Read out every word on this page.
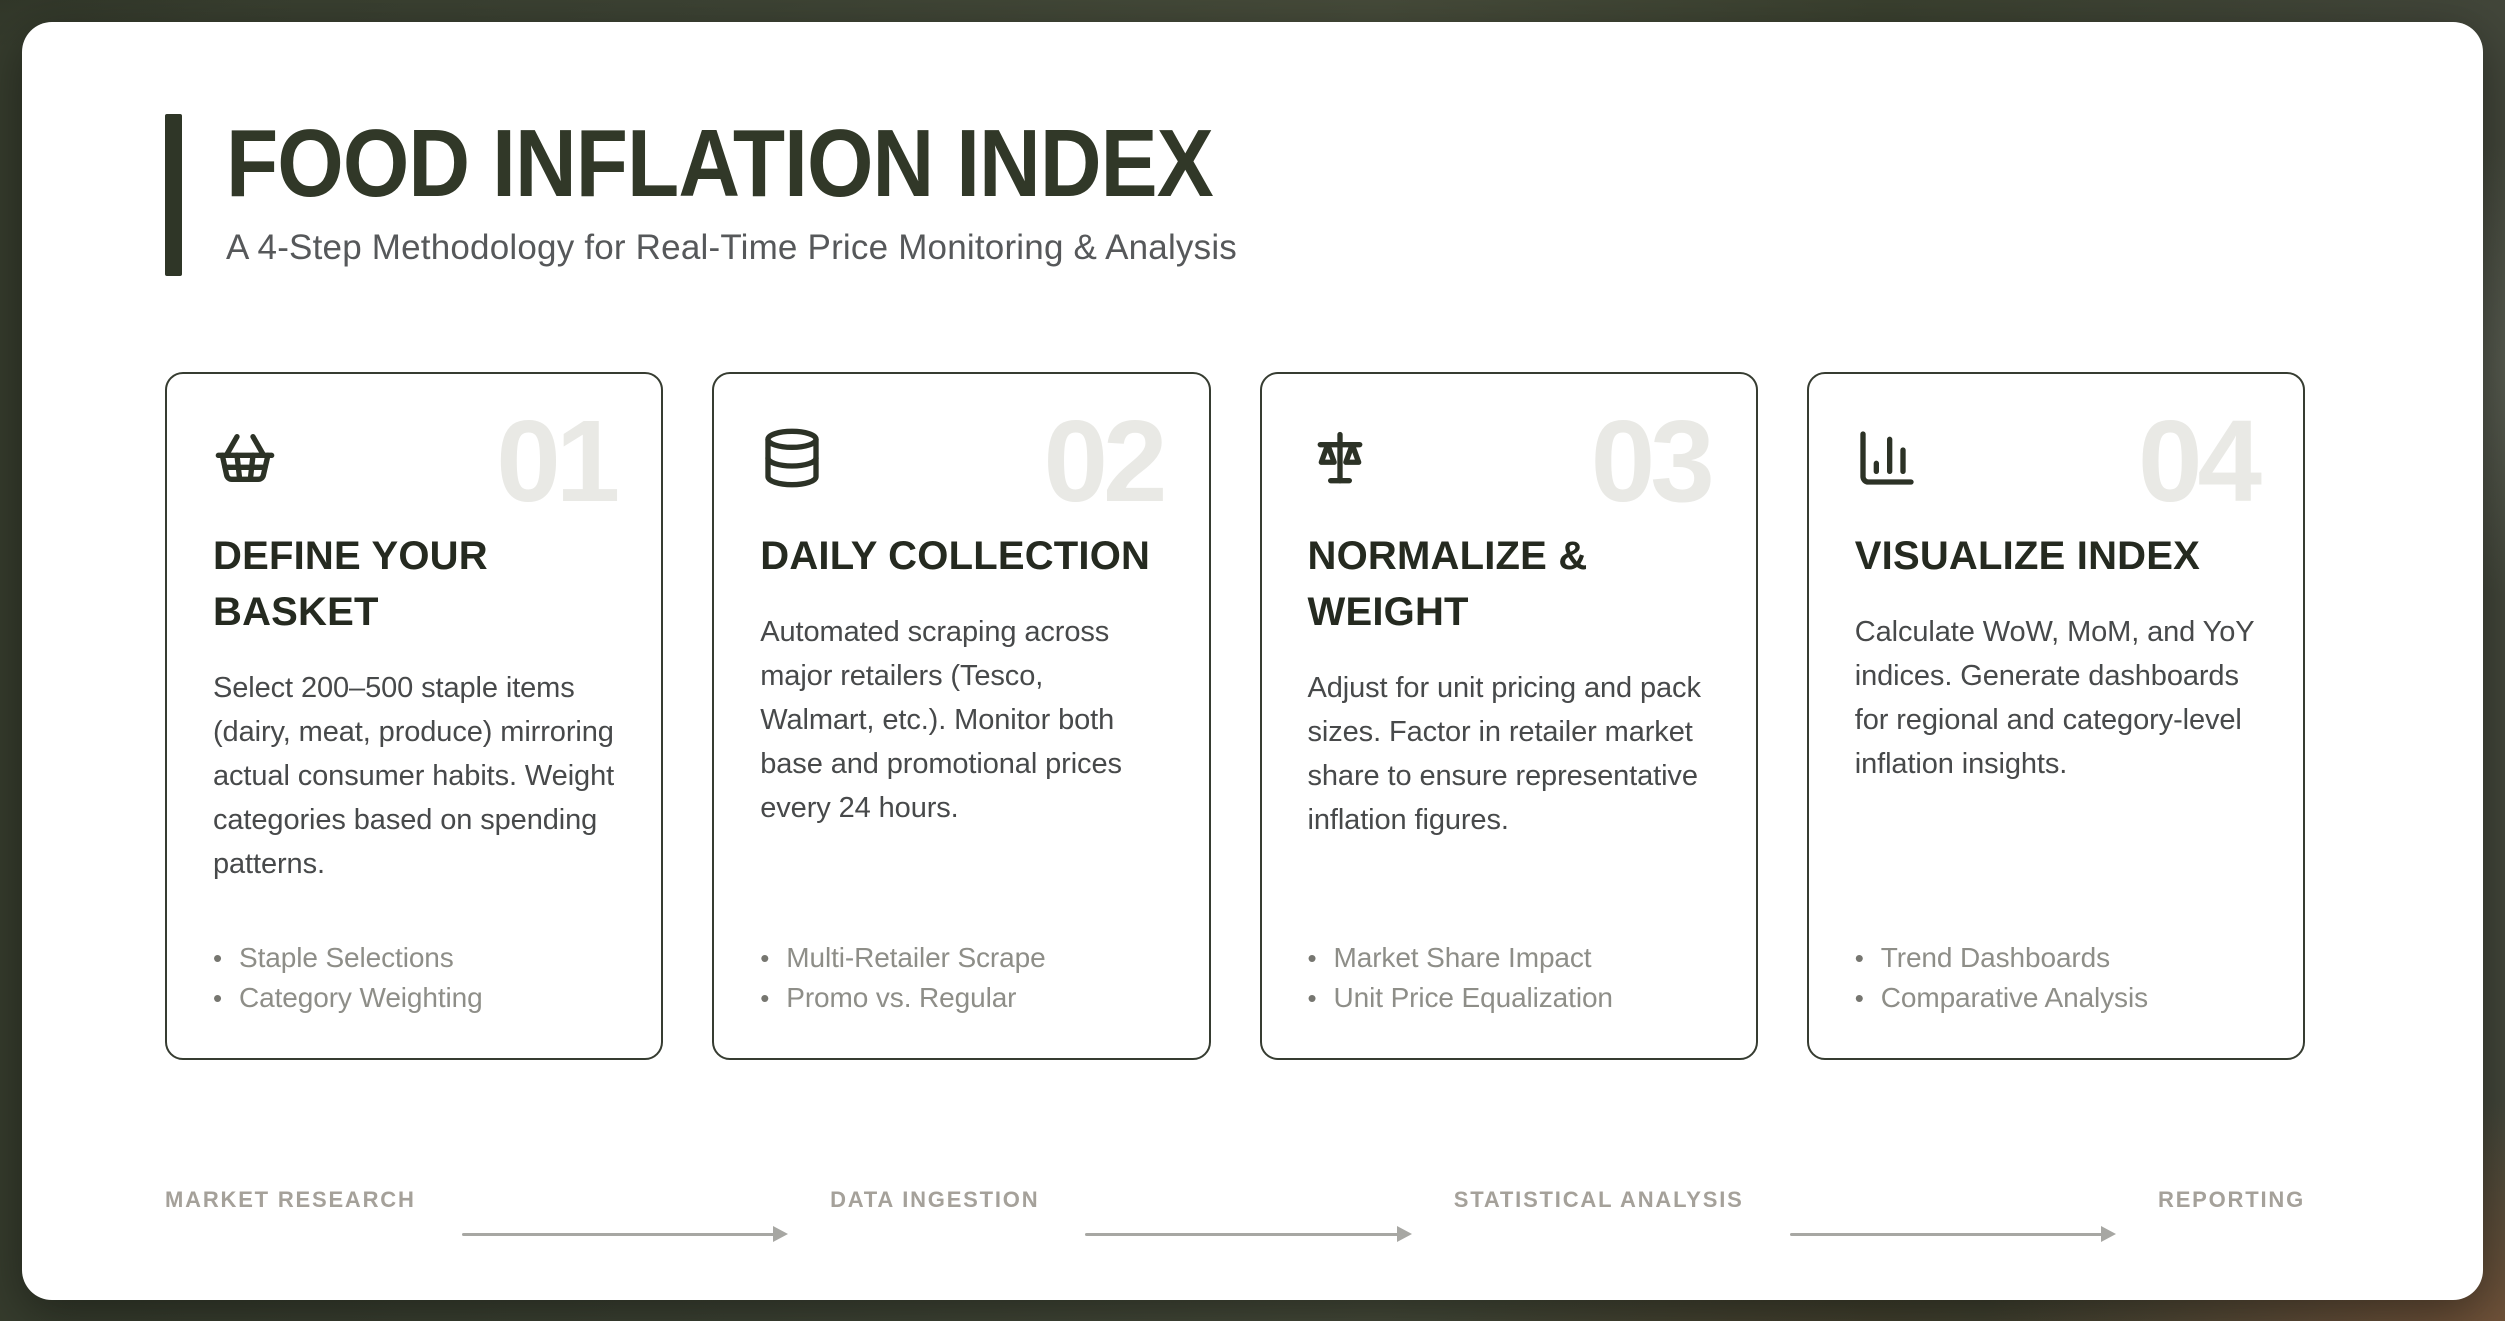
FOOD INFLATION INDEX

A 4-Step Methodology for Real-Time Price Monitoring & Analysis

01
DEFINE YOUR BASKET

Select 200–500 staple items (dairy, meat, produce) mirroring actual consumer habits. Weight categories based on spending patterns.

• Staple Selections
• Category Weighting
02
DAILY COLLECTION

Automated scraping across major retailers (Tesco, Walmart, etc.). Monitor both base and promotional prices every 24 hours.

• Multi-Retailer Scrape
• Promo vs. Regular
03
NORMALIZE & WEIGHT

Adjust for unit pricing and pack sizes. Factor in retailer market share to ensure representative inflation figures.

• Market Share Impact
• Unit Price Equalization
04
VISUALIZE INDEX

Calculate WoW, MoM, and YoY indices. Generate dashboards for regional and category-level inflation insights.

• Trend Dashboards
• Comparative Analysis
MARKET RESEARCH	DATA INGESTION	STATISTICAL ANALYSIS	REPORTING
